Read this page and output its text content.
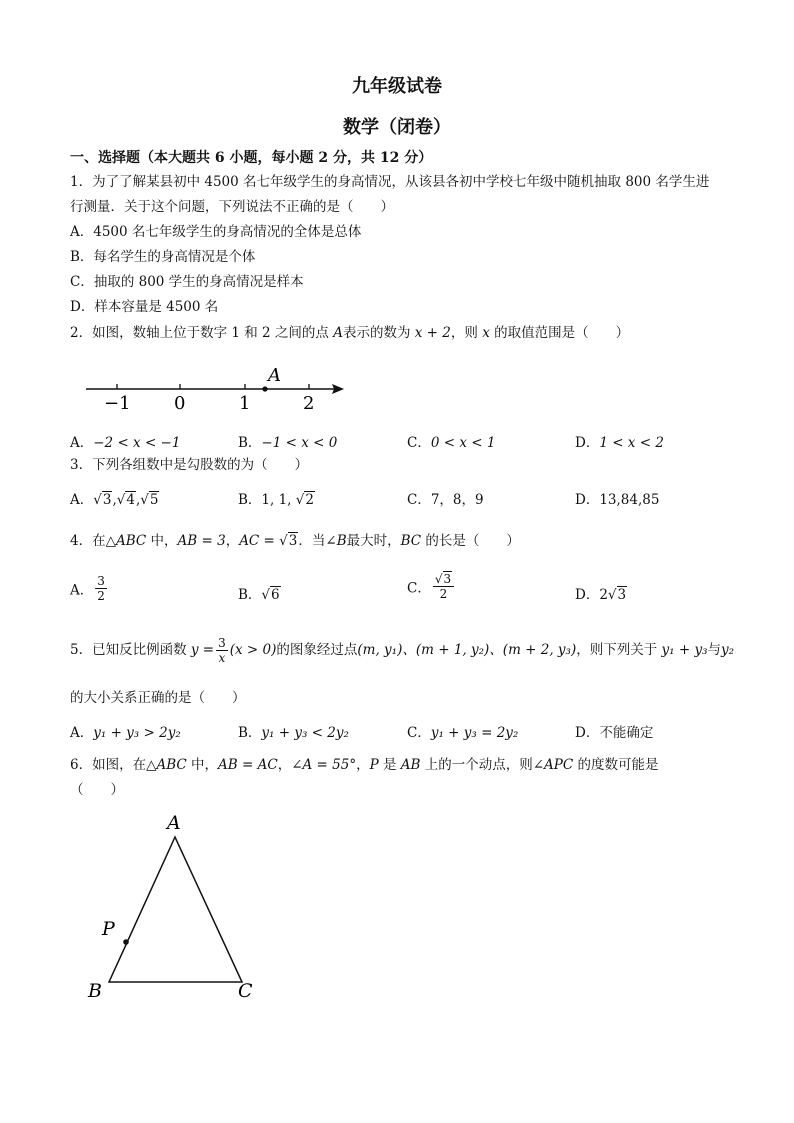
九年级试卷
数学（闭卷）
一、选择题（本大题共 6 小题，每小题 2 分，共 12 分）
1．为了了解某县初中 4500 名七年级学生的身高情况，从该县各初中学校七年级中随机抽取 800 名学生进
行测量．关于这个问题，下列说法不正确的是（　　）
A．4500 名七年级学生的身高情况的全体是总体
B．每名学生的身高情况是个体
C．抽取的 800 学生的身高情况是样本
D．样本容量是 4500 名
2．如图，数轴上位于数字 1 和 2 之间的点 A表示的数为 x + 2，则 x 的取值范围是（　　）
A
−1 0	1	2
A．−2 < x < −1	B．−1 < x < 0	C．0 < x < 1	D．1 < x < 2
3．下列各组数中是勾股数的为（　　）
A．√3,√4,√5	B．1, 1, √2	C．7，8，9	D．13,84,85
4．在△ABC 中，AB = 3，AC = √3．当∠B最大时，BC 的长是（　　）
A． $\frac{3}{2}$	B．√6	C． $\frac{√3}{2}$	D．2√3
5．已知反比例函数 $y = \frac{3}{x} (x > 0)$的图象经过点(m, y₁)、(m + 1, y₂)、(m + 2, y₃)，则下列关于 y₁ + y₃与y₂
的大小关系正确的是（　　）
A．y₁ + y₃ > 2y₂	B．y₁ + y₃ < 2y₂	C．y₁ + y₃ = 2y₂	D．不能确定
6．如图，在△ABC 中，AB = AC，∠A = 55°，P 是 AB 上的一个动点，则∠APC 的度数可能是
（　　）
A
B	C
P
